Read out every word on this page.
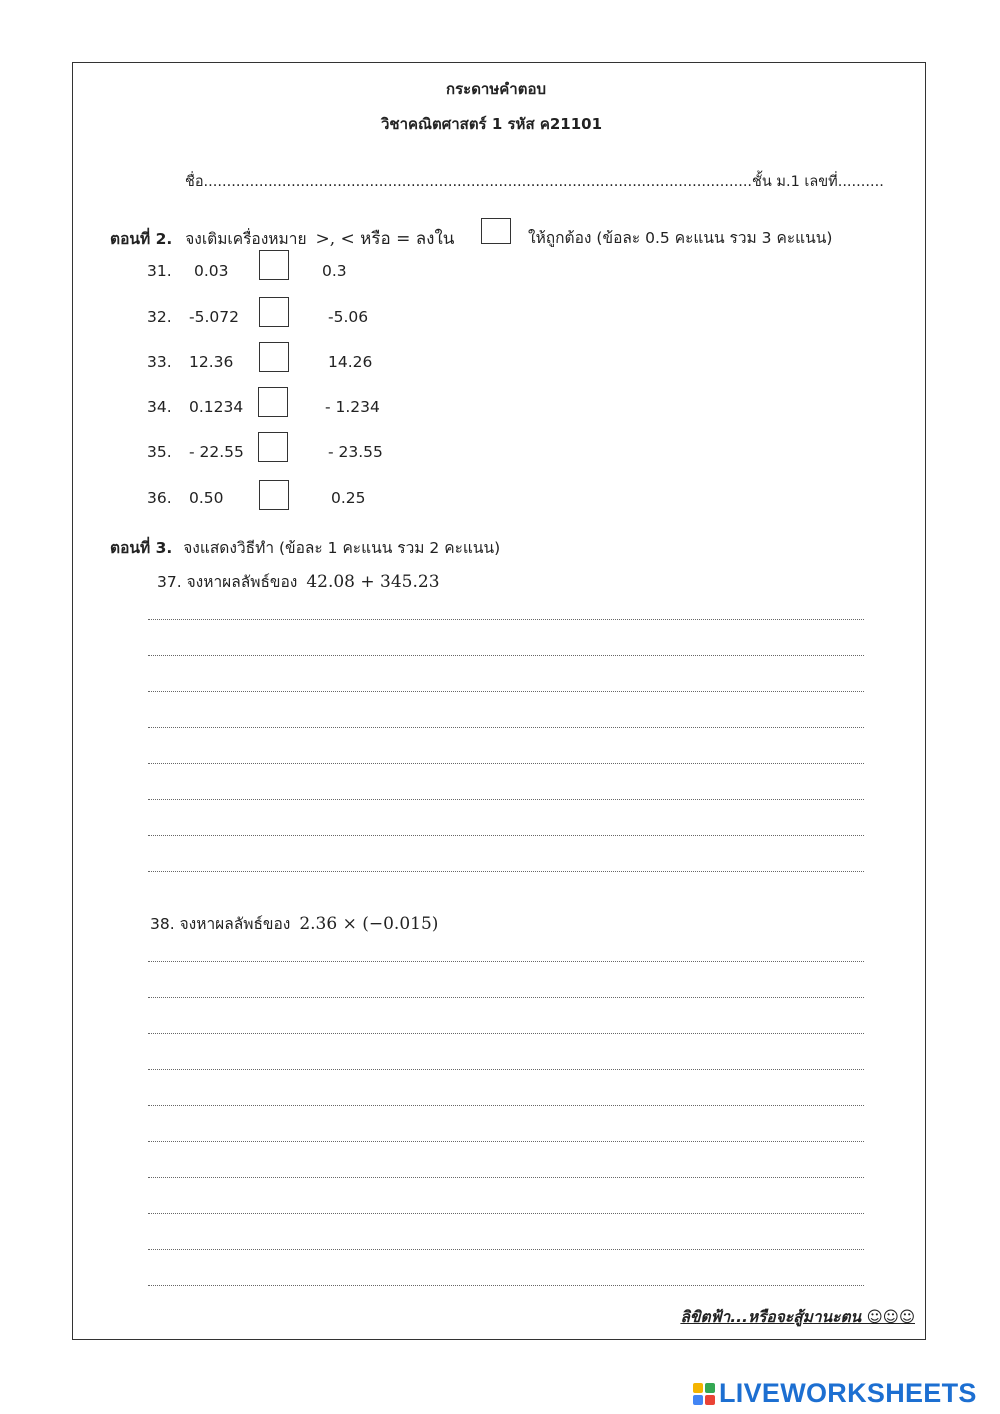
กระดาษคำตอบ
วิชาคณิตศาสตร์ 1 รหัส ค21101
ชื่อ.......................................................................................................................ชั้น ม.1 เลขที่..........
ตอนที่ 2. จงเติมเครื่องหมาย >, < หรือ = ลงใน	ให้ถูกต้อง (ข้อละ 0.5 คะแนน รวม 3 คะแนน)
31. 0.03	0.3
32. -5.072	-5.06
33. 12.36	14.26
34. 0.1234	- 1.234
35. - 22.55	- 23.55
36. 0.50	0.25
ตอนที่ 3. จงแสดงวิธีทำ (ข้อละ 1 คะแนน รวม 2 คะแนน)
37. จงหาผลลัพธ์ของ 42.08 + 345.23
38. จงหาผลลัพธ์ของ 2.36 × (−0.015)
ลิขิตฟ้า...หรือจะสู้มานะตน ☺☺☺
LIVEWORKSHEETS
